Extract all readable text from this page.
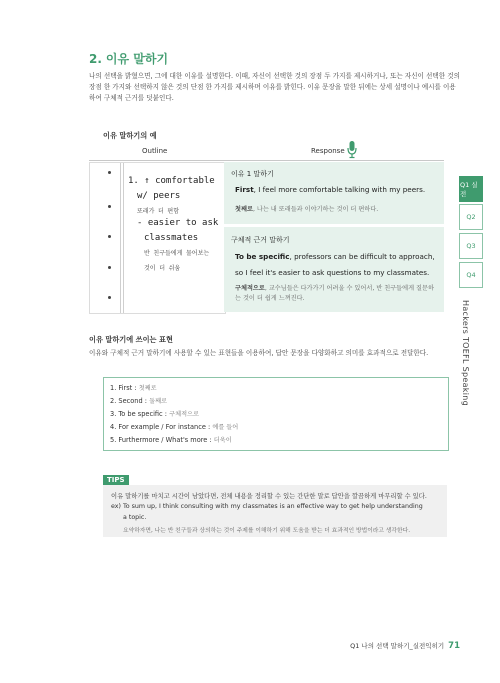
2. 이유 말하기
나의 선택을 밝혔으면, 그에 대한 이유를 설명한다. 이때, 자신이 선택한 것의 장점 두 가지를 제시하거나, 또는 자신이 선택한 것의 장점 한 가지와 선택하지 않은 것의 단점 한 가지를 제시하며 이유를 밝힌다. 이유 문장을 말한 뒤에는 상세 설명이나 예시를 이용하여 구체적 근거를 덧붙인다.
이유 말하기의 예
Outline	Response
1. ↑ comfortable
w/ peers
또래가 더 편함
- easier to ask
classmates
반 친구들에게 물어보는
것이 더 쉬움
이유 1 말하기
First, I feel more comfortable talking with my peers.
첫째로, 나는 내 또래들과 이야기하는 것이 더 편하다.
구체적 근거 말하기
To be specific, professors can be difficult to approach,
so I feel it's easier to ask questions to my classmates.
구체적으로, 교수님들은 다가가기 어려울 수 있어서, 반 친구들에게 질문하는 것이 더 쉽게 느껴진다.
이유 말하기에 쓰이는 표현
이유와 구체적 근거 말하기에 사용할 수 있는 표현들을 이용하여, 답안 문장을 다양화하고 의미를 효과적으로 전달한다.
1. First : 첫째로
2. Second : 둘째로
3. To be specific : 구체적으로
4. For example / For instance : 예를 들어
5. Furthermore / What's more : 더욱이
TIPS
이유 말하기를 마치고 시간이 남았다면, 전체 내용을 정리할 수 있는 간단한 말로 답안을 깔끔하게 마무리할 수 있다.
ex) To sum up, I think consulting with my classmates is an effective way to get help understanding
a topic.
요약하자면, 나는 반 친구들과 상의하는 것이 주제를 이해하기 위해 도움을 받는 더 효과적인 방법이라고 생각한다.
Q1 실전
Q2
Q3
Q4
Hackers TOEFL Speaking
Q1 나의 선택 말하기_실전익히기 71
